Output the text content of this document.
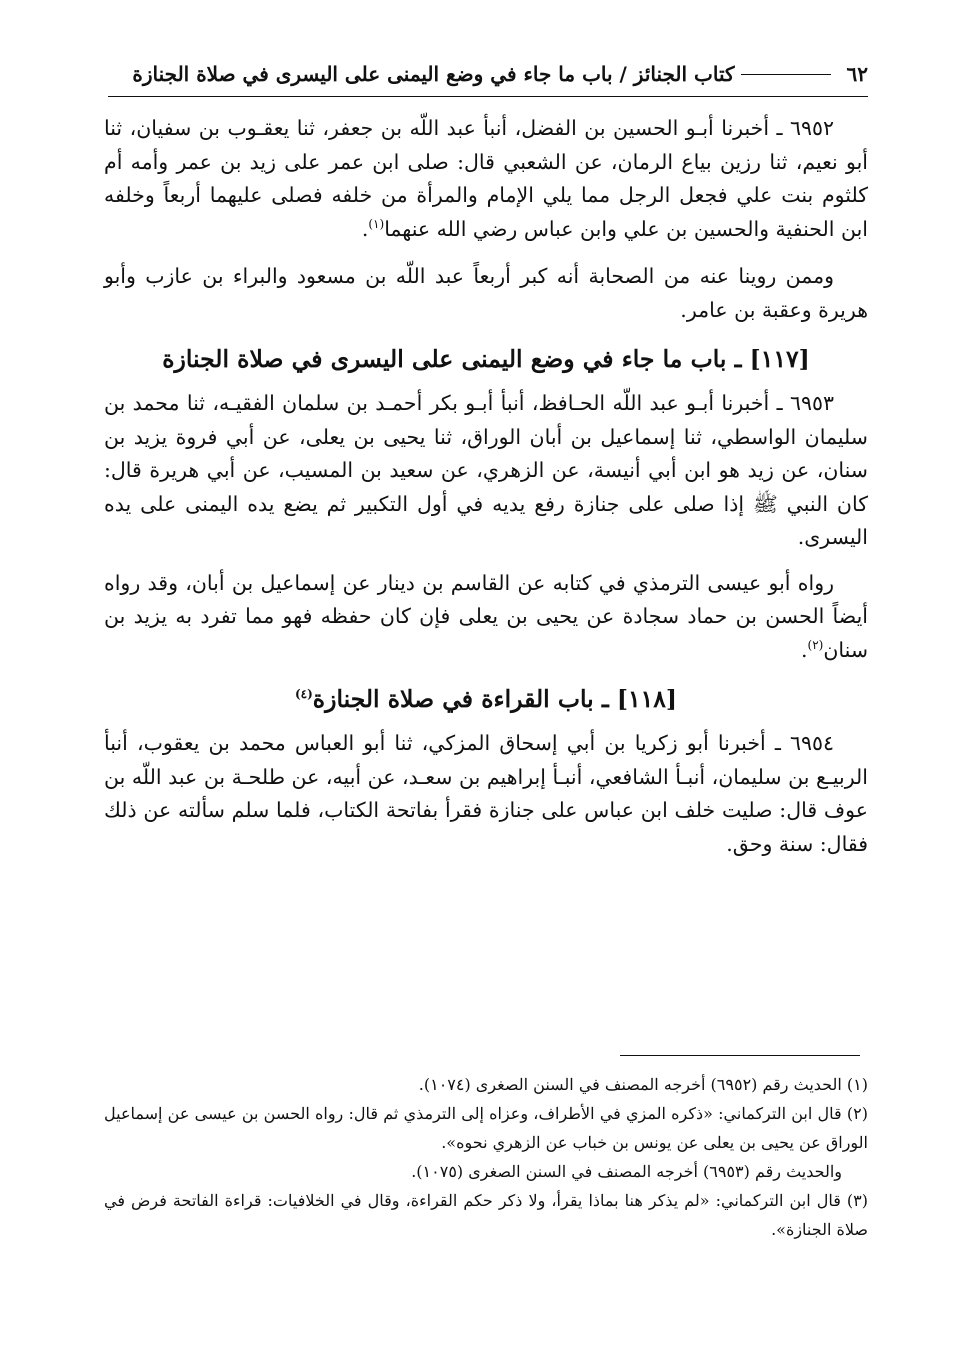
٦٢
كتاب الجنائز / باب ما جاء في وضع اليمنى على اليسرى في صلاة الجنازة

٦٩٥٢ ـ أخبرنا أبـو الحسين بن الفضل، أنبأ عبد اللّه بن جعفر، ثنا يعقـوب بن سفيان، ثنا أبو نعيم، ثنا رزين بياع الرمان، عن الشعبي قال: صلى ابن عمر على زيد بن عمر وأمه أم كلثوم بنت علي فجعل الرجل مما يلي الإمام والمرأة من خلفه فصلى عليهما أربعاً وخلفه ابن الحنفية والحسين بن علي وابن عباس رضي الله عنهما$^{(١)}$.

وممن روينا عنه من الصحابة أنه كبر أربعاً عبد اللّه بن مسعود والبراء بن عازب وأبو هريرة وعقبة بن عامر.

[١١٧] ـ باب ما جاء في وضع اليمنى على اليسرى في صلاة الجنازة

٦٩٥٣ ـ أخبرنا أبـو عبد اللّه الحـافظ، أنبأ أبـو بكر أحمـد بن سلمان الفقيـه، ثنا محمد بن سليمان الواسطي، ثنا إسماعيل بن أبان الوراق، ثنا يحيى بن يعلى، عن أبي فروة يزيد بن سنان، عن زيد هو ابن أبي أنيسة، عن الزهري، عن سعيد بن المسيب، عن أبي هريرة قال: كان النبي ﷺ إذا صلى على جنازة رفع يديه في أول التكبير ثم يضع يده اليمنى على يده اليسرى.

رواه أبو عيسى الترمذي في كتابه عن القاسم بن دينار عن إسماعيل بن أبان، وقد رواه أيضاً الحسن بن حماد سجادة عن يحيى بن يعلى فإن كان حفظه فهو مما تفرد به يزيد بن سنان$^{(٢)}$.

[١١٨] ـ باب القراءة في صلاة الجنازة$^{(٤)}$

٦٩٥٤ ـ أخبرنا أبو زكريا بن أبي إسحاق المزكي، ثنا أبو العباس محمد بن يعقوب، أنبأ الربيـع بن سليمان، أنبـأ الشافعي، أنبـأ إبراهيم بن سعـد، عن أبيه، عن طلحـة بن عبد اللّه بن عوف قال: صليت خلف ابن عباس على جنازة فقرأ بفاتحة الكتاب، فلما سلم سألته عن ذلك فقال: سنة وحق.

(١) الحديث رقم (٦٩٥٢) أخرجه المصنف في السنن الصغرى (١٠٧٤).

(٢) قال ابن التركماني: «ذكره المزي في الأطراف، وعزاه إلى الترمذي ثم قال: رواه الحسن بن عيسى عن إسماعيل الوراق عن يحيى بن يعلى عن يونس بن خباب عن الزهري نحوه».

والحديث رقم (٦٩٥٣) أخرجه المصنف في السنن الصغرى (١٠٧٥).

(٣) قال ابن التركماني: «لم يذكر هنا بماذا يقرأ، ولا ذكر حكم القراءة، وقال في الخلافيات: قراءة الفاتحة فرض في صلاة الجنازة».
